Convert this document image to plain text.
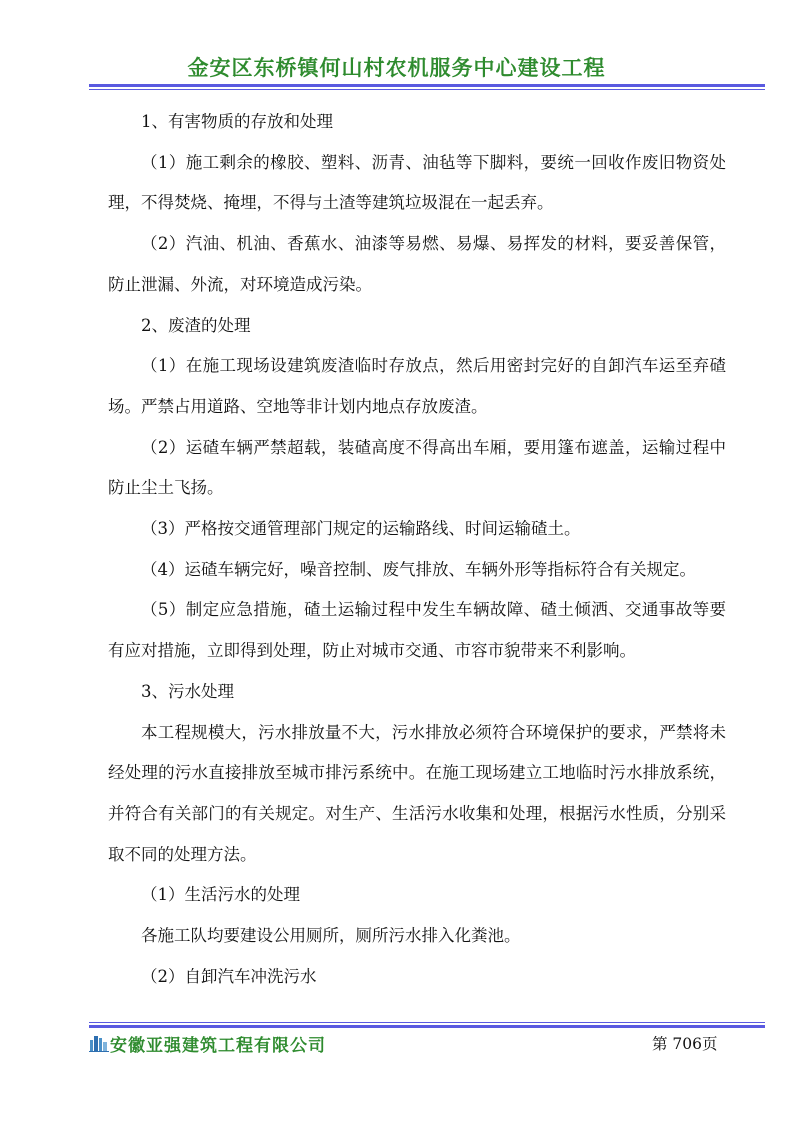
金安区东桥镇何山村农机服务中心建设工程

1、有害物质的存放和处理

（1）施工剩余的橡胶、塑料、沥青、油毡等下脚料，要统一回收作废旧物资处理，不得焚烧、掩埋，不得与土渣等建筑垃圾混在一起丢弃。

（2）汽油、机油、香蕉水、油漆等易燃、易爆、易挥发的材料，要妥善保管，防止泄漏、外流，对环境造成污染。

2、废渣的处理

（1）在施工现场设建筑废渣临时存放点，然后用密封完好的自卸汽车运至弃碴场。严禁占用道路、空地等非计划内地点存放废渣。

（2）运碴车辆严禁超载，装碴高度不得高出车厢，要用篷布遮盖，运输过程中防止尘土飞扬。

（3）严格按交通管理部门规定的运输路线、时间运输碴土。

（4）运碴车辆完好，噪音控制、废气排放、车辆外形等指标符合有关规定。

（5）制定应急措施，碴土运输过程中发生车辆故障、碴土倾洒、交通事故等要有应对措施，立即得到处理，防止对城市交通、市容市貌带来不利影响。

3、污水处理

本工程规模大，污水排放量不大，污水排放必须符合环境保护的要求，严禁将未经处理的污水直接排放至城市排污系统中。在施工现场建立工地临时污水排放系统，并符合有关部门的有关规定。对生产、生活污水收集和处理，根据污水性质，分别采取不同的处理方法。

（1）生活污水的处理

各施工队均要建设公用厕所，厕所污水排入化粪池。

（2）自卸汽车冲洗污水

安徽亚强建筑工程有限公司	第 706页
